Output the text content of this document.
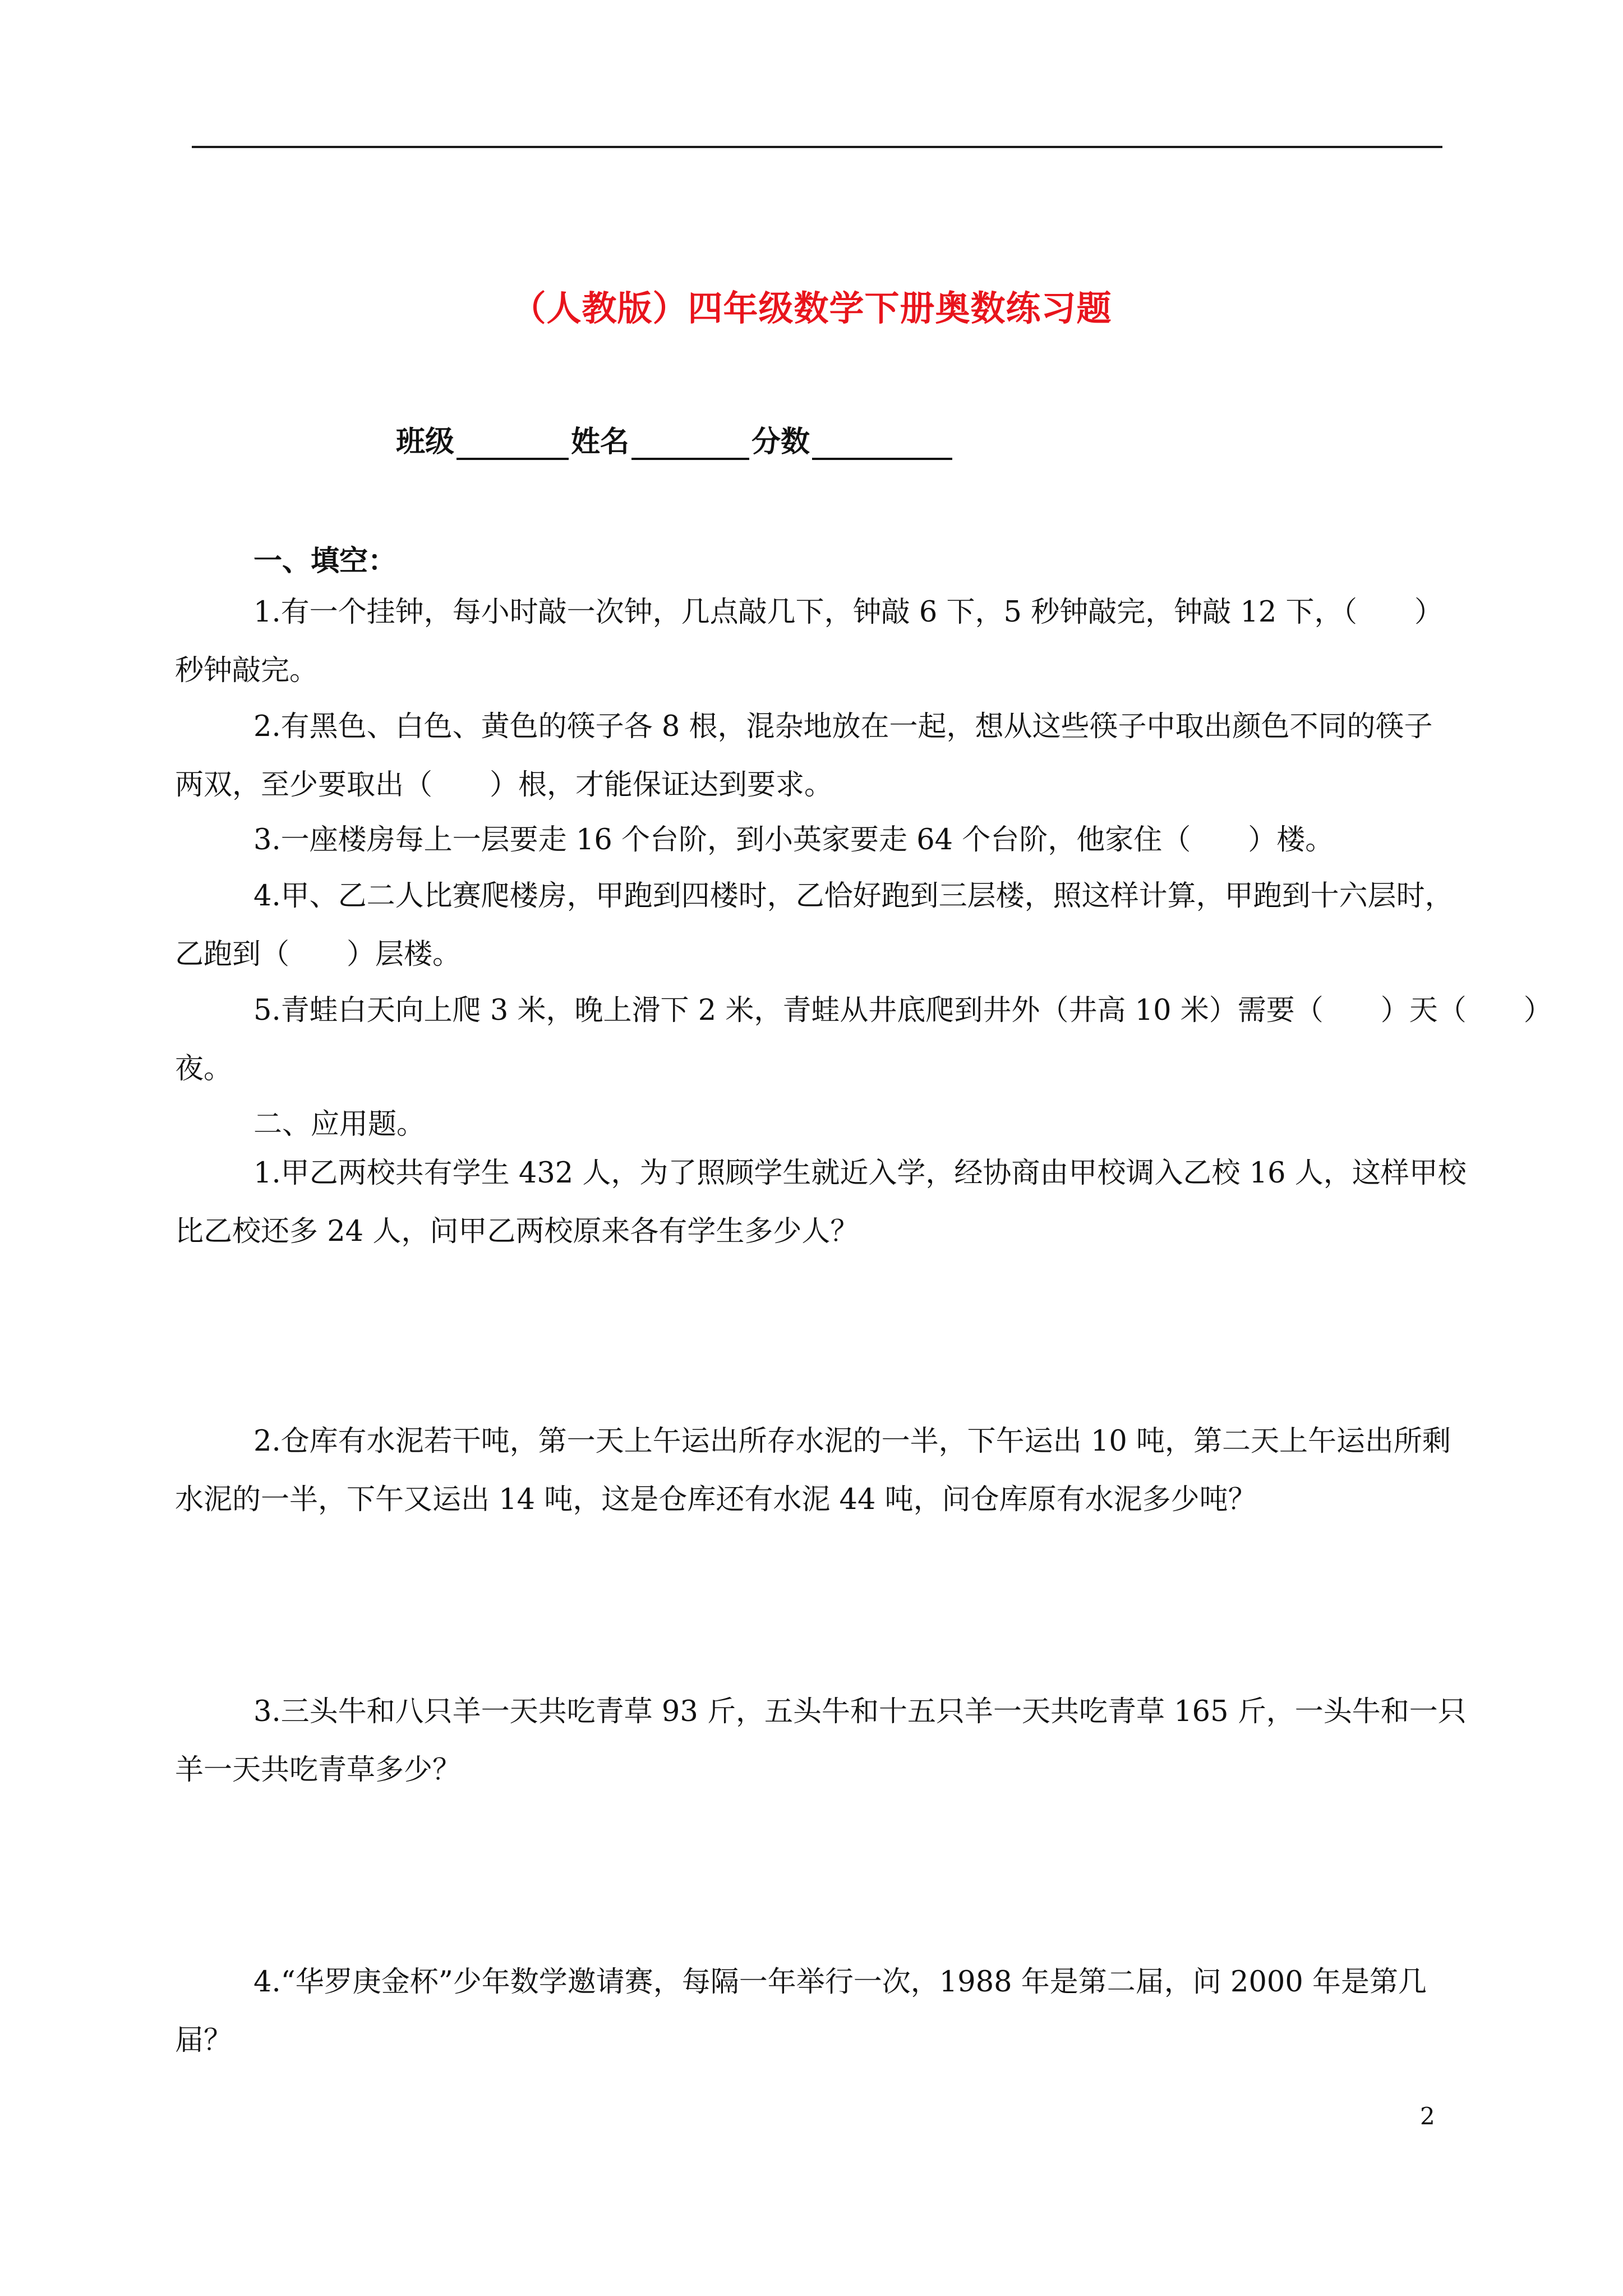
（人教版）四年级数学下册奥数练习题
班级	姓名	分数
一、填空：
1.有一个挂钟，每小时敲一次钟，几点敲几下，钟敲 6 下，5 秒钟敲完，钟敲 12 下，（　　）
秒钟敲完。
2.有黑色、白色、黄色的筷子各 8 根，混杂地放在一起，想从这些筷子中取出颜色不同的筷子
两双，至少要取出（　　）根，才能保证达到要求。
3.一座楼房每上一层要走 16 个台阶，到小英家要走 64 个台阶，他家住（　　）楼。
4.甲、乙二人比赛爬楼房，甲跑到四楼时，乙恰好跑到三层楼，照这样计算，甲跑到十六层时，
乙跑到（　　）层楼。
5.青蛙白天向上爬 3 米，晚上滑下 2 米，青蛙从井底爬到井外（井高 10 米）需要（　　）天（　　）
夜。
二、应用题。
1.甲乙两校共有学生 432 人，为了照顾学生就近入学，经协商由甲校调入乙校 16 人，这样甲校
比乙校还多 24 人，问甲乙两校原来各有学生多少人？
2.仓库有水泥若干吨，第一天上午运出所存水泥的一半，下午运出 10 吨，第二天上午运出所剩
水泥的一半，下午又运出 14 吨，这是仓库还有水泥 44 吨，问仓库原有水泥多少吨？
3.三头牛和八只羊一天共吃青草 93 斤，五头牛和十五只羊一天共吃青草 165 斤，一头牛和一只
羊一天共吃青草多少？
4.“华罗庚金杯”少年数学邀请赛，每隔一年举行一次，1988 年是第二届，问 2000 年是第几
届？
2
